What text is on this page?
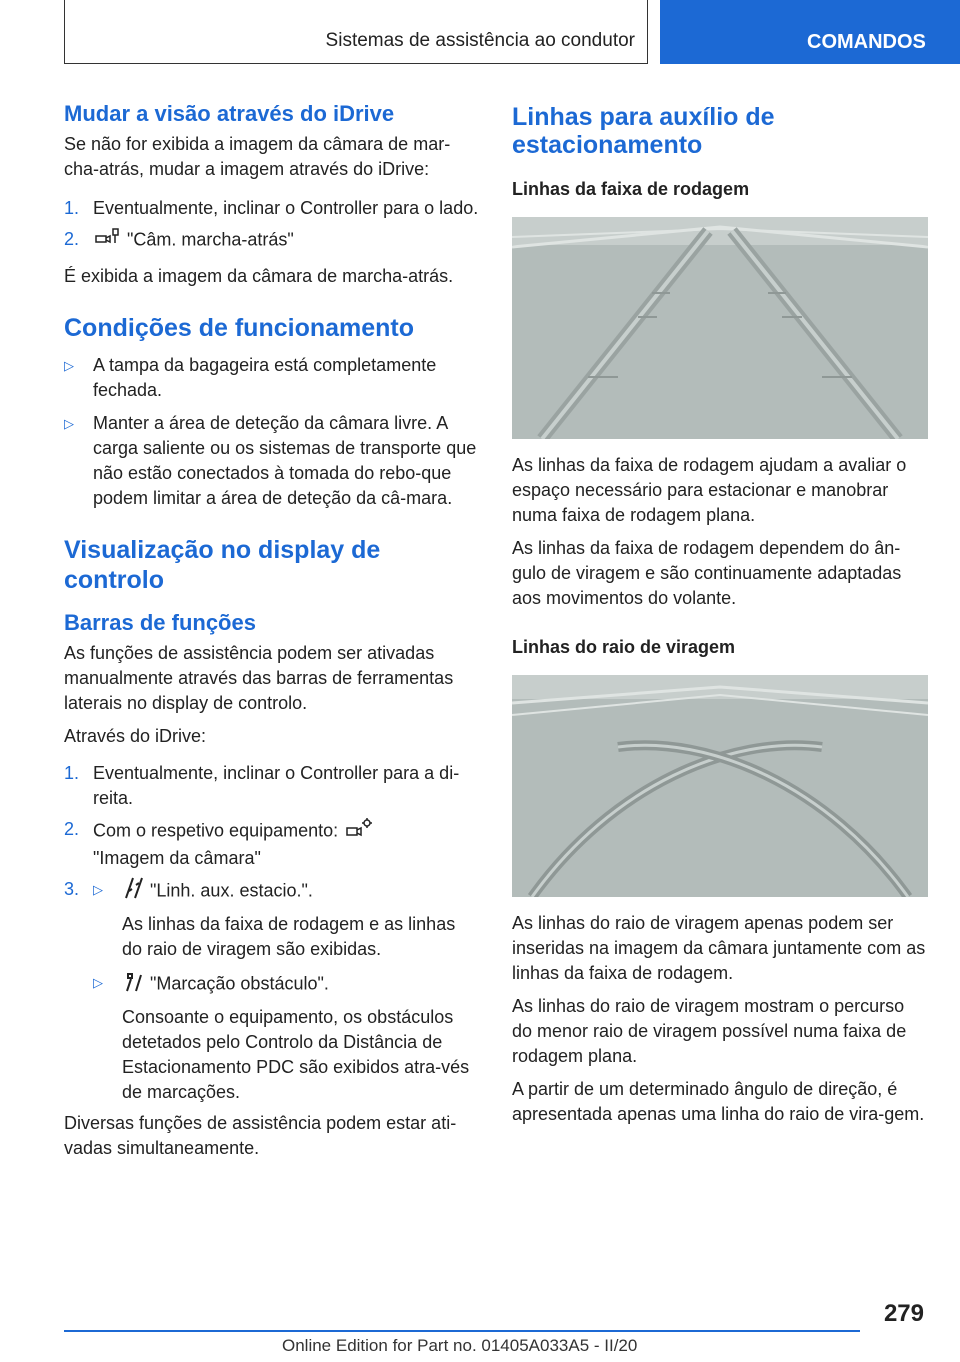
Sistemas de assistência ao condutor	COMANDOS
Mudar a visão através do iDrive

Se não for exibida a imagem da câmara de mar-cha-atrás, mudar a imagem através do iDrive:

1. Eventualmente, inclinar o Controller para o lado.
2.	"Câm. marcha-atrás"

É exibida a imagem da câmara de marcha-atrás.

Condições de funcionamento
▷	A tampa da bagageira está completamente fechada.
▷	Manter a área de deteção da câmara livre. A carga saliente ou os sistemas de transporte que não estão conectados à tomada do rebo-que podem limitar a área de deteção da câ-mara.
Visualização no display de controlo
Barras de funções

As funções de assistência podem ser ativadas manualmente através das barras de ferramentas laterais no display de controlo.

Através do iDrive:

1. Eventualmente, inclinar o Controller para a di-reita.
2. Com o respetivo equipamento:
"Imagem da câmara"
3.	▷	"Linh. aux. estacio.".
As linhas da faixa de rodagem e as linhas do raio de viragem são exibidas.
▷	"Marcação obstáculo".
Consoante o equipamento, os obstáculos detetados pelo Controlo da Distância de Estacionamento PDC são exibidos atra-vés de marcações.

Diversas funções de assistência podem estar ati-vadas simultaneamente.

Linhas para auxílio de estacionamento
Linhas da faixa de rodagem

As linhas da faixa de rodagem ajudam a avaliar o espaço necessário para estacionar e manobrar numa faixa de rodagem plana.

As linhas da faixa de rodagem dependem do ân-gulo de viragem e são continuamente adaptadas aos movimentos do volante.

Linhas do raio de viragem

As linhas do raio de viragem apenas podem ser inseridas na imagem da câmara juntamente com as linhas da faixa de rodagem.

As linhas do raio de viragem mostram o percurso do menor raio de viragem possível numa faixa de rodagem plana.

A partir de um determinado ângulo de direção, é apresentada apenas uma linha do raio de vira-gem.

279
Online Edition for Part no. 01405A033A5 - II/20
